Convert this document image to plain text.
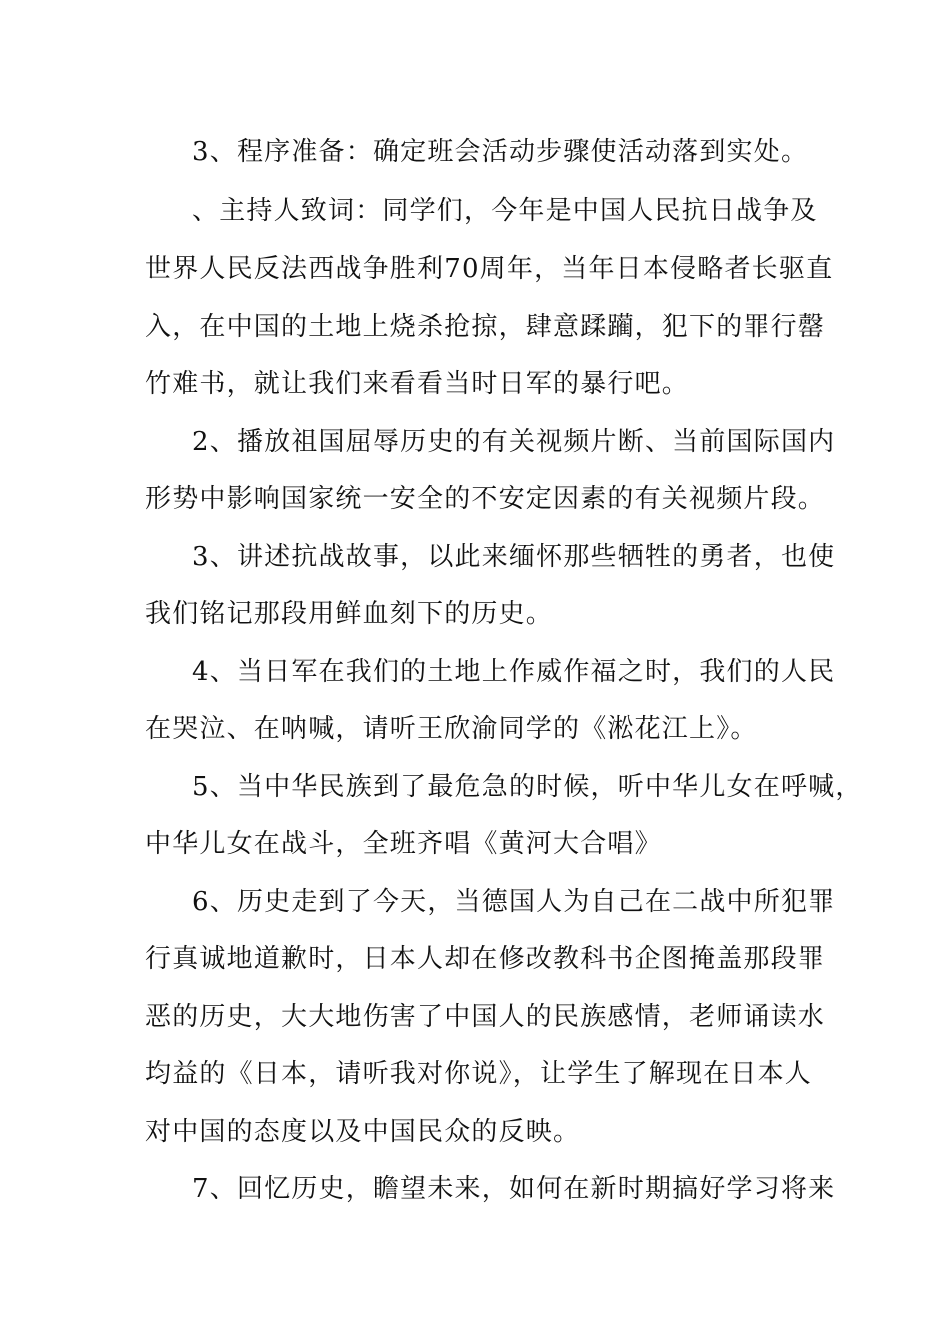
3、程序准备：确定班会活动步骤使活动落到实处。
、主持人致词：同学们，今年是中国人民抗日战争及
世界人民反法西战争胜利70周年，当年日本侵略者长驱直
入，在中国的土地上烧杀抢掠，肆意蹂躏，犯下的罪行罄
竹难书，就让我们来看看当时日军的暴行吧。
2、播放祖国屈辱历史的有关视频片断、当前国际国内
形势中影响国家统一安全的不安定因素的有关视频片段。
3、讲述抗战故事，以此来缅怀那些牺牲的勇者，也使
我们铭记那段用鲜血刻下的历史。
4、当日军在我们的土地上作威作福之时，我们的人民
在哭泣、在呐喊，请听王欣渝同学的《淞花江上》。
5、当中华民族到了最危急的时候，听中华儿女在呼喊，
中华儿女在战斗，全班齐唱《黄河大合唱》
6、历史走到了今天，当德国人为自己在二战中所犯罪
行真诚地道歉时，日本人却在修改教科书企图掩盖那段罪
恶的历史，大大地伤害了中国人的民族感情，老师诵读水
均益的《日本，请听我对你说》，让学生了解现在日本人
对中国的态度以及中国民众的反映。
7、回忆历史，瞻望未来，如何在新时期搞好学习将来
